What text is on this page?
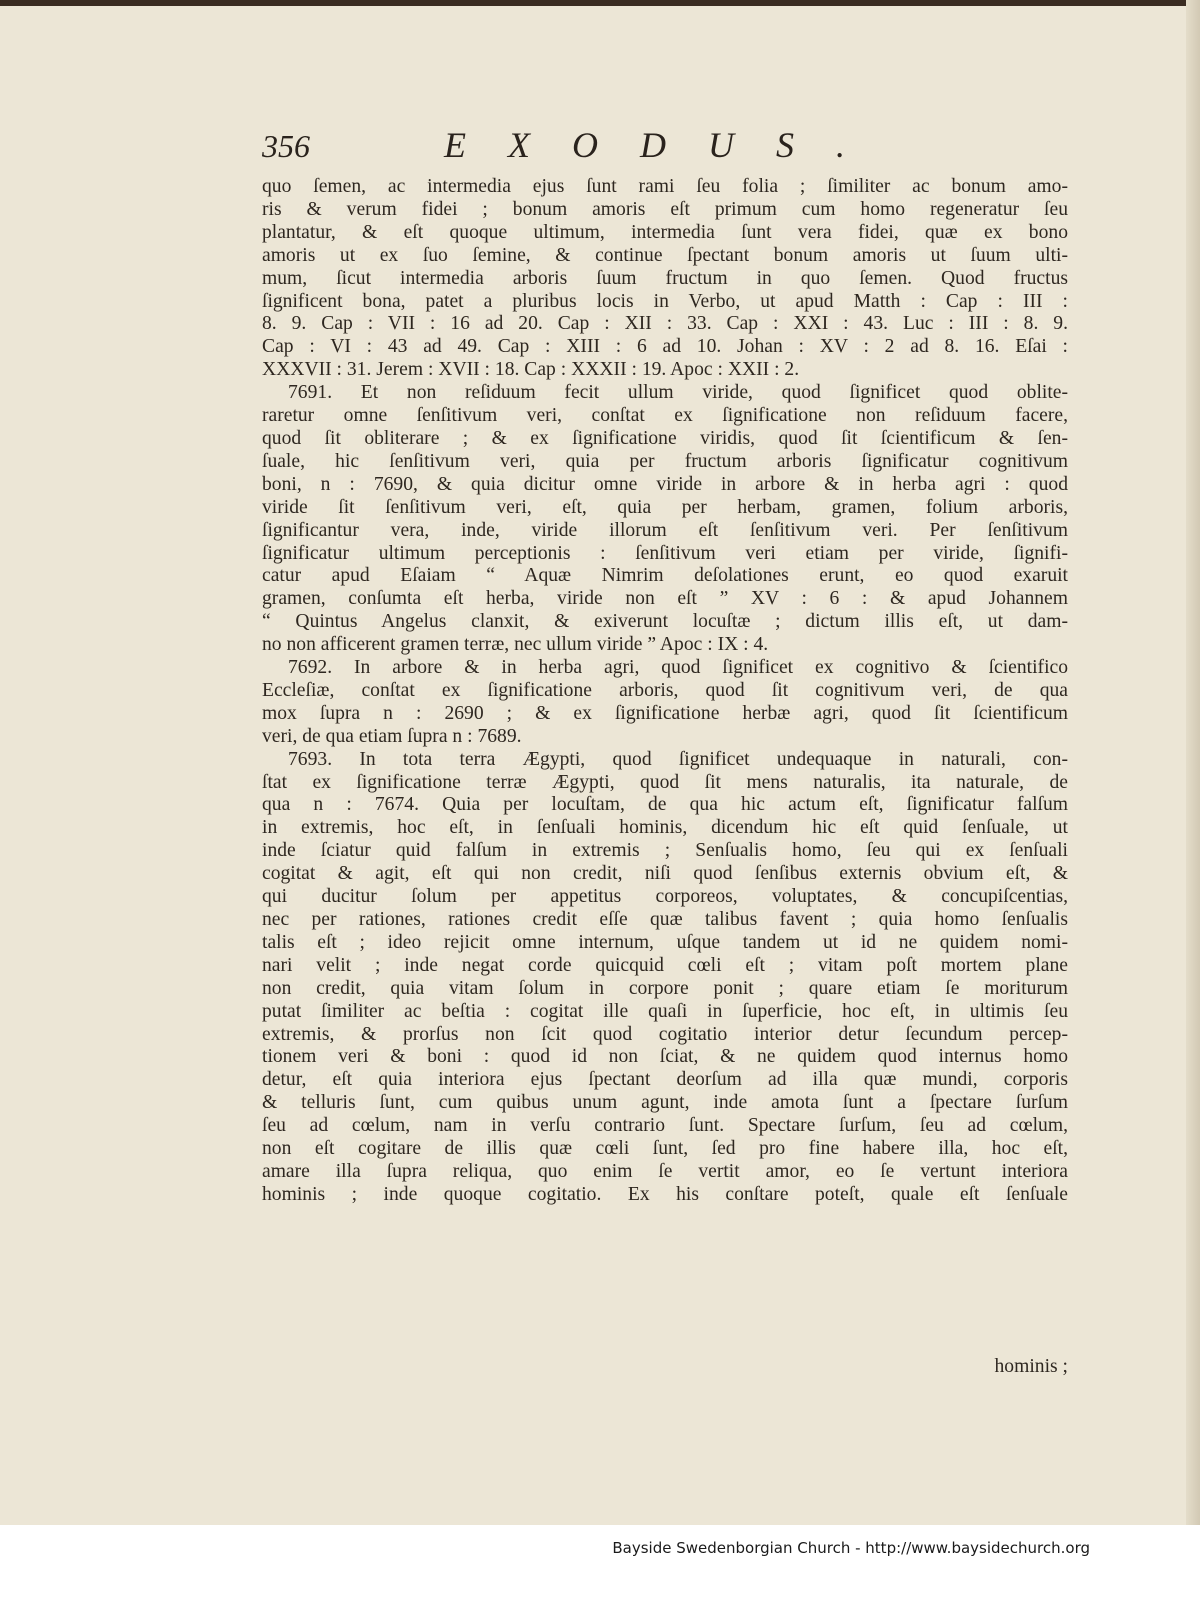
356	EXODUS.

quo ſemen, ac intermedia ejus ſunt rami ſeu folia ; ſimiliter ac bonum amo-

ris & verum fidei ; bonum amoris eſt primum cum homo regeneratur ſeu

plantatur, & eſt quoque ultimum, intermedia ſunt vera fidei, quæ ex bono

amoris ut ex ſuo ſemine, & continue ſpectant bonum amoris ut ſuum ulti-

mum, ſicut intermedia arboris ſuum fructum in quo ſemen. Quod fructus

ſignificent bona, patet a pluribus locis in Verbo, ut apud Matth : Cap : III :

8. 9. Cap : VII : 16 ad 20. Cap : XII : 33. Cap : XXI : 43. Luc : III : 8. 9.

Cap : VI : 43 ad 49. Cap : XIII : 6 ad 10. Johan : XV : 2 ad 8. 16. Eſai :

XXXVII : 31. Jerem : XVII : 18. Cap : XXXII : 19. Apoc : XXII : 2.

7691. Et non reſiduum fecit ullum viride, quod ſignificet quod oblite-

raretur omne ſenſitivum veri, conſtat ex ſignificatione non reſiduum facere,

quod ſit obliterare ; & ex ſignificatione viridis, quod ſit ſcientificum & ſen-

ſuale, hic ſenſitivum veri, quia per fructum arboris ſignificatur cognitivum

boni, n : 7690, & quia dicitur omne viride in arbore & in herba agri : quod

viride ſit ſenſitivum veri, eſt, quia per herbam, gramen, folium arboris,

ſignificantur vera, inde, viride illorum eſt ſenſitivum veri. Per ſenſitivum

ſignificatur ultimum perceptionis : ſenſitivum veri etiam per viride, ſignifi-

catur apud Eſaiam “ Aquæ Nimrim deſolationes erunt, eo quod exaruit

gramen, conſumta eſt herba, viride non eſt ” XV : 6 : & apud Johannem

“ Quintus Angelus clanxit, & exiverunt locuſtæ ; dictum illis eſt, ut dam-

no non afficerent gramen terræ, nec ullum viride ” Apoc : IX : 4.

7692. In arbore & in herba agri, quod ſignificet ex cognitivo & ſcientifico

Eccleſiæ, conſtat ex ſignificatione arboris, quod ſit cognitivum veri, de qua

mox ſupra n : 2690 ; & ex ſignificatione herbæ agri, quod ſit ſcientificum

veri, de qua etiam ſupra n : 7689.

7693. In tota terra Ægypti, quod ſignificet undequaque in naturali, con-

ſtat ex ſignificatione terræ Ægypti, quod ſit mens naturalis, ita naturale, de

qua n : 7674. Quia per locuſtam, de qua hic actum eſt, ſignificatur falſum

in extremis, hoc eſt, in ſenſuali hominis, dicendum hic eſt quid ſenſuale, ut

inde ſciatur quid falſum in extremis ; Senſualis homo, ſeu qui ex ſenſuali

cogitat & agit, eſt qui non credit, niſi quod ſenſibus externis obvium eſt, &

qui ducitur ſolum per appetitus corporeos, voluptates, & concupiſcentias,

nec per rationes, rationes credit eſſe quæ talibus favent ; quia homo ſenſualis

talis eſt ; ideo rejicit omne internum, uſque tandem ut id ne quidem nomi-

nari velit ; inde negat corde quicquid cœli eſt ; vitam poſt mortem plane

non credit, quia vitam ſolum in corpore ponit ; quare etiam ſe moriturum

putat ſimiliter ac beſtia : cogitat ille quaſi in ſuperficie, hoc eſt, in ultimis ſeu

extremis, & prorſus non ſcit quod cogitatio interior detur ſecundum percep-

tionem veri & boni : quod id non ſciat, & ne quidem quod internus homo

detur, eſt quia interiora ejus ſpectant deorſum ad illa quæ mundi, corporis

& telluris ſunt, cum quibus unum agunt, inde amota ſunt a ſpectare ſurſum

ſeu ad cœlum, nam in verſu contrario ſunt. Spectare ſurſum, ſeu ad cœlum,

non eſt cogitare de illis quæ cœli ſunt, ſed pro fine habere illa, hoc eſt,

amare illa ſupra reliqua, quo enim ſe vertit amor, eo ſe vertunt interiora

hominis ; inde quoque cogitatio. Ex his conſtare poteſt, quale eſt ſenſuale

hominis ;
Bayside Swedenborgian Church - http://www.baysidechurch.org
